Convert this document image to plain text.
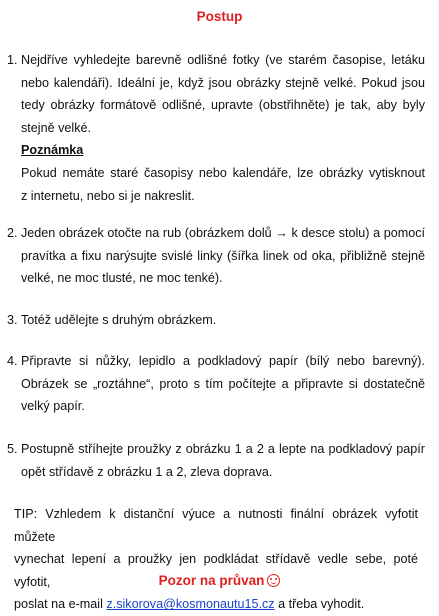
Postup
1. Nejdříve vyhledejte barevně odlišné fotky (ve starém časopise, letáku
nebo kalendáři). Ideální je, když jsou obrázky stejně velké. Pokud jsou
tedy obrázky formátově odlišné, upravte (obstřihněte) je tak, aby byly
stejně velké.
Poznámka
Pokud nemáte staré časopisy nebo kalendáře, lze obrázky vytisknout
z internetu, nebo si je nakreslit.
2. Jeden obrázek otočte na rub (obrázkem dolů → k desce stolu) a pomocí
pravítka a fixu narýsujte svislé linky (šířka linek od oka, přibližně stejně
velké, ne moc tlusté, ne moc tenké).
3. Totéž udělejte s druhým obrázkem.
4. Připravte si nůžky, lepidlo a podkladový papír (bílý nebo barevný).
Obrázek se „roztáhne“, proto s tím počítejte a připravte si dostatečně
velký papír.
5. Postupně stříhejte proužky z obrázku 1 a 2 a lepte na podkladový papír
opět střídavě z obrázku 1 a 2, zleva doprava.
TIP: Vzhledem k distanční výuce a nutnosti finální obrázek vyfotit můžete
vynechat lepení a proužky jen podkládat střídavě vedle sebe, poté vyfotit,
poslat na e-mail z.sikorova@kosmonautu15.cz a třeba vyhodit.
Pozor na průvan
